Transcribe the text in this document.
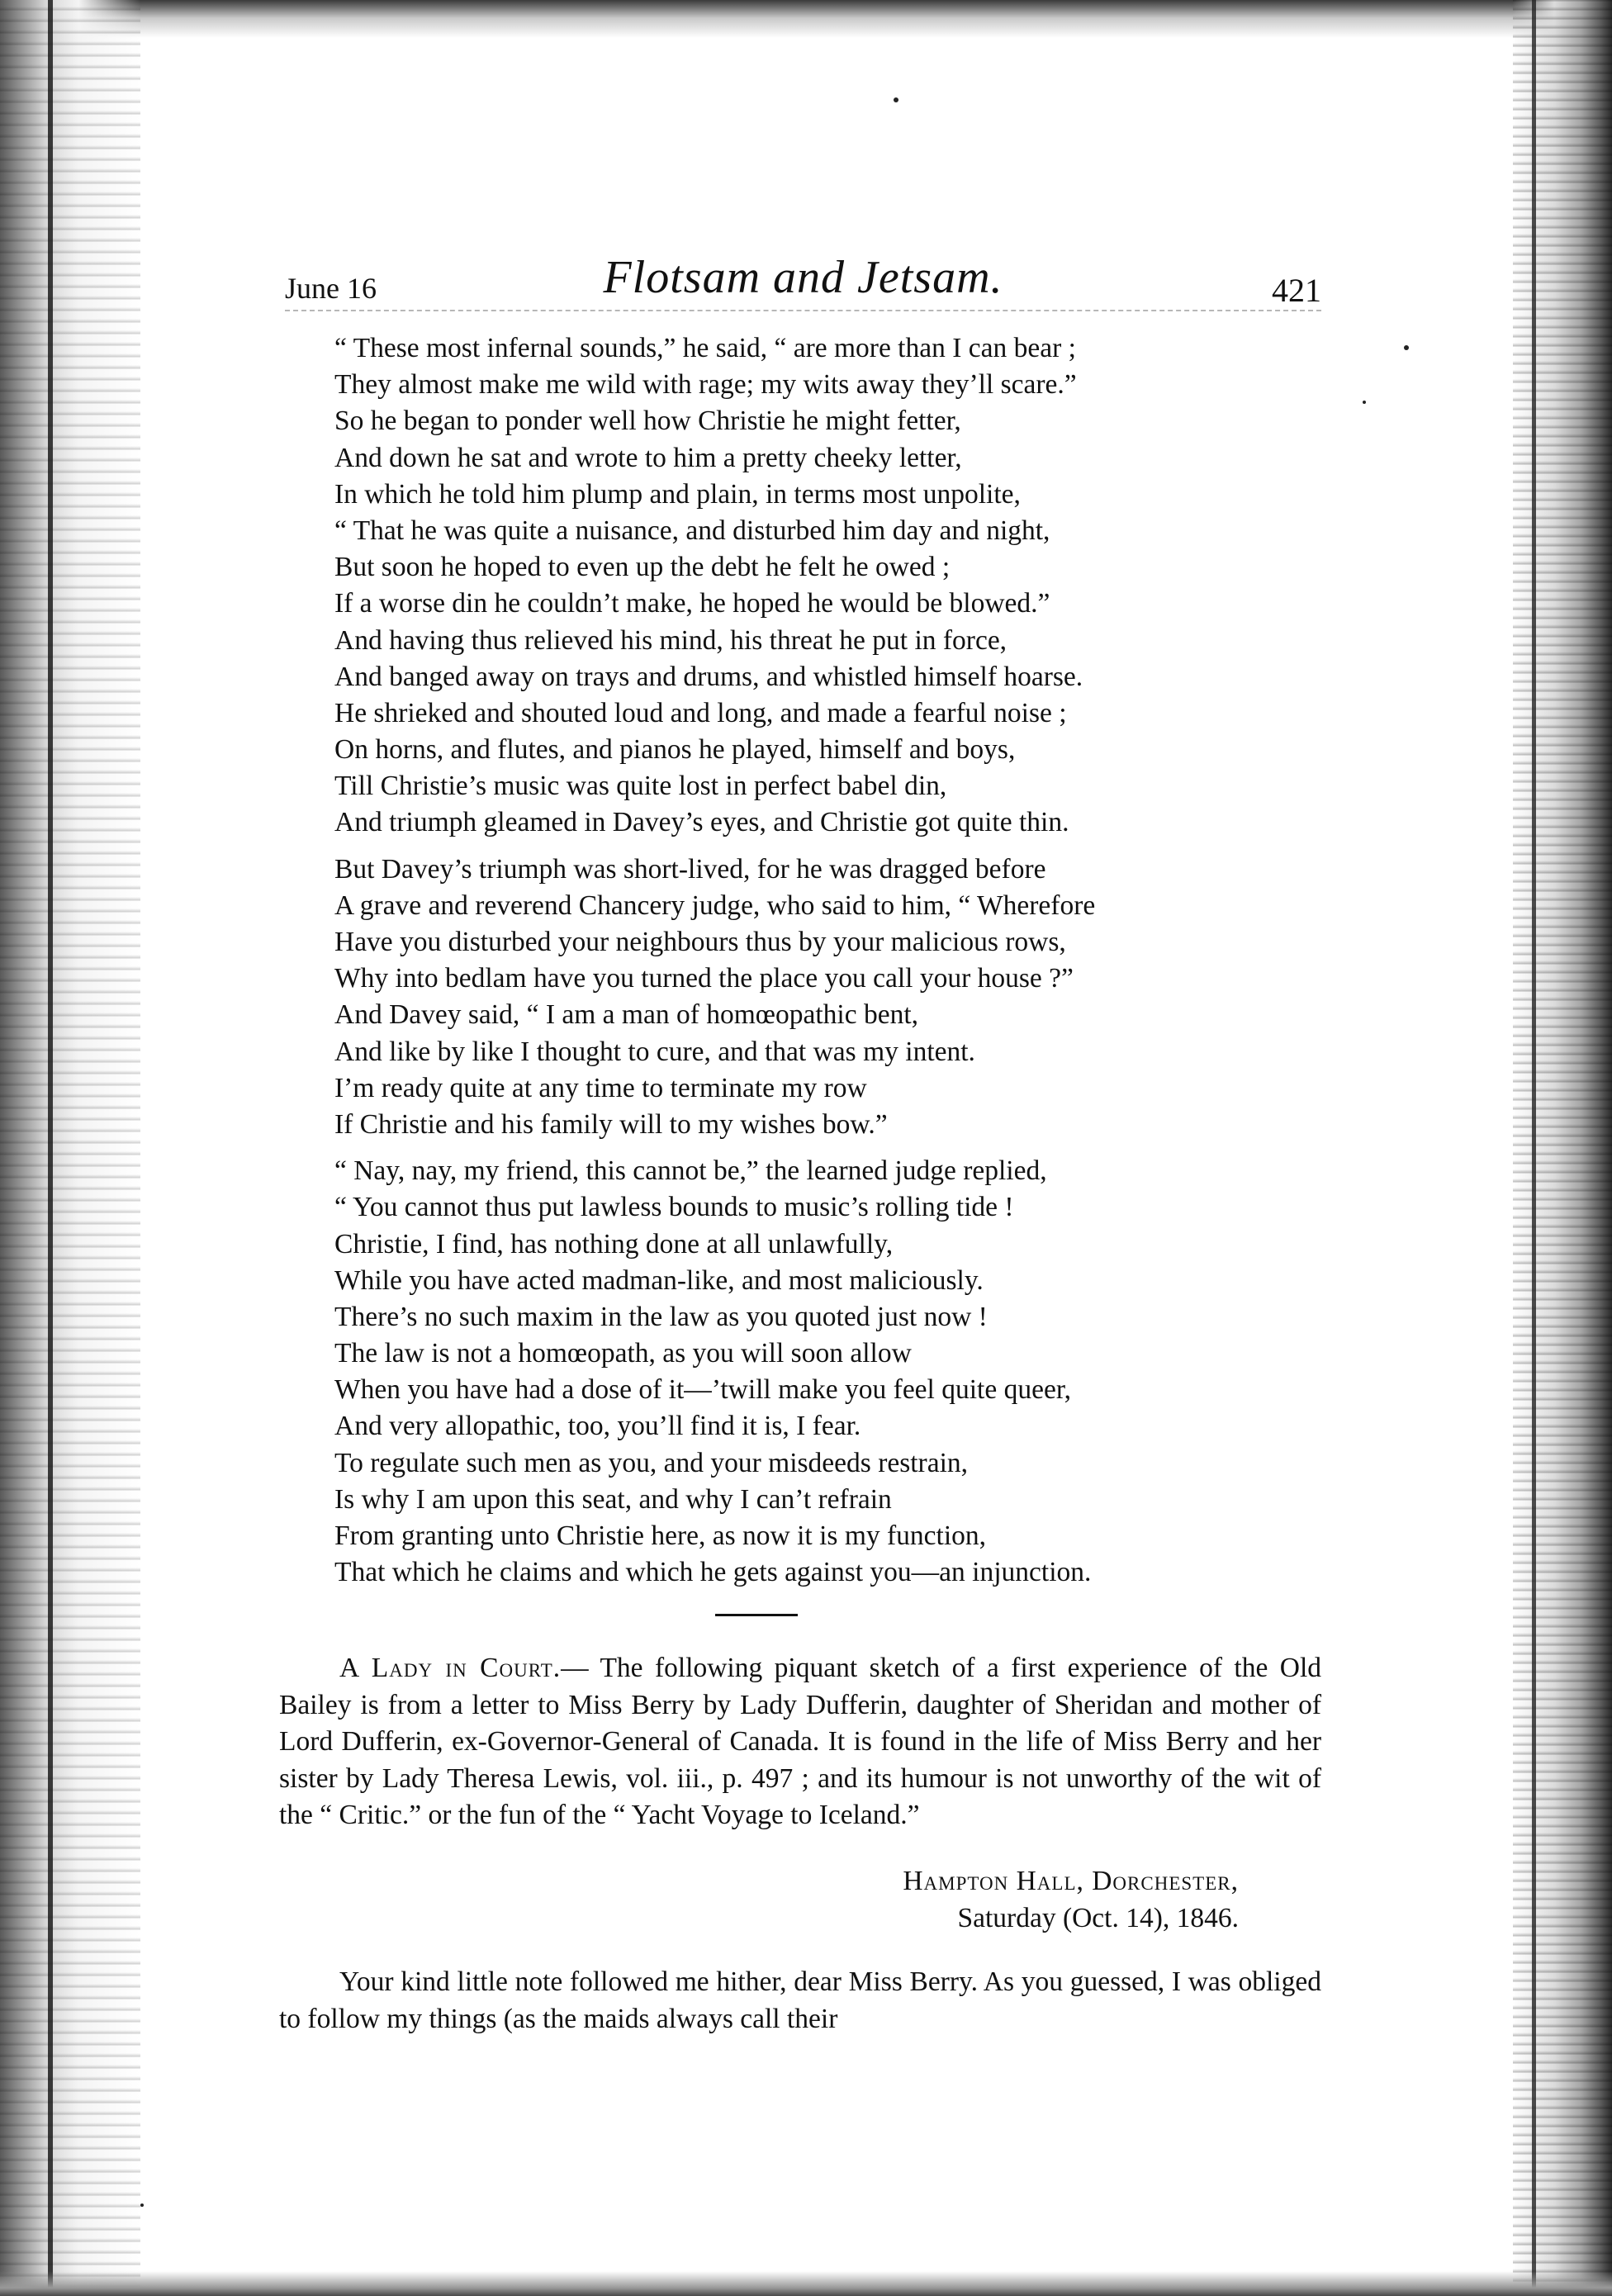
June 16	Flotsam and Jetsam.	421
“ These most infernal sounds,” he said, “ are more than I can bear ;
They almost make me wild with rage; my wits away they’ll scare.”
So he began to ponder well how Christie he might fetter,
And down he sat and wrote to him a pretty cheeky letter,
In which he told him plump and plain, in terms most unpolite,
“ That he was quite a nuisance, and disturbed him day and night,
But soon he hoped to even up the debt he felt he owed ;
If a worse din he couldn’t make, he hoped he would be blowed.”
And having thus relieved his mind, his threat he put in force,
And banged away on trays and drums, and whistled himself hoarse.
He shrieked and shouted loud and long, and made a fearful noise ;
On horns, and flutes, and pianos he played, himself and boys,
Till Christie’s music was quite lost in perfect babel din,
And triumph gleamed in Davey’s eyes, and Christie got quite thin.
But Davey’s triumph was short-lived, for he was dragged before
A grave and reverend Chancery judge, who said to him, “ Wherefore
Have you disturbed your neighbours thus by your malicious rows,
Why into bedlam have you turned the place you call your house ?”
And Davey said, “ I am a man of homœopathic bent,
And like by like I thought to cure, and that was my intent.
I’m ready quite at any time to terminate my row
If Christie and his family will to my wishes bow.”
“ Nay, nay, my friend, this cannot be,” the learned judge replied,
“ You cannot thus put lawless bounds to music’s rolling tide !
Christie, I find, has nothing done at all unlawfully,
While you have acted madman-like, and most maliciously.
There’s no such maxim in the law as you quoted just now !
The law is not a homœopath, as you will soon allow
When you have had a dose of it—’twill make you feel quite queer,
And very allopathic, too, you’ll find it is, I fear.
To regulate such men as you, and your misdeeds restrain,
Is why I am upon this seat, and why I can’t refrain
From granting unto Christie here, as now it is my function,
That which he claims and which he gets against you—an injunction.

A Lady in Court.— The following piquant sketch of a first experience of the Old Bailey is from a letter to Miss Berry by Lady Dufferin, daughter of Sheridan and mother of Lord Dufferin, ex-Governor-General of Canada. It is found in the life of Miss Berry and her sister by Lady Theresa Lewis, vol. iii., p. 497 ; and its humour is not unworthy of the wit of the “ Critic.” or the fun of the “ Yacht Voyage to Iceland.”

Hampton Hall, Dorchester,
Saturday (Oct. 14), 1846.

Your kind little note followed me hither, dear Miss Berry. As you guessed, I was obliged to follow my things (as the maids always call their
